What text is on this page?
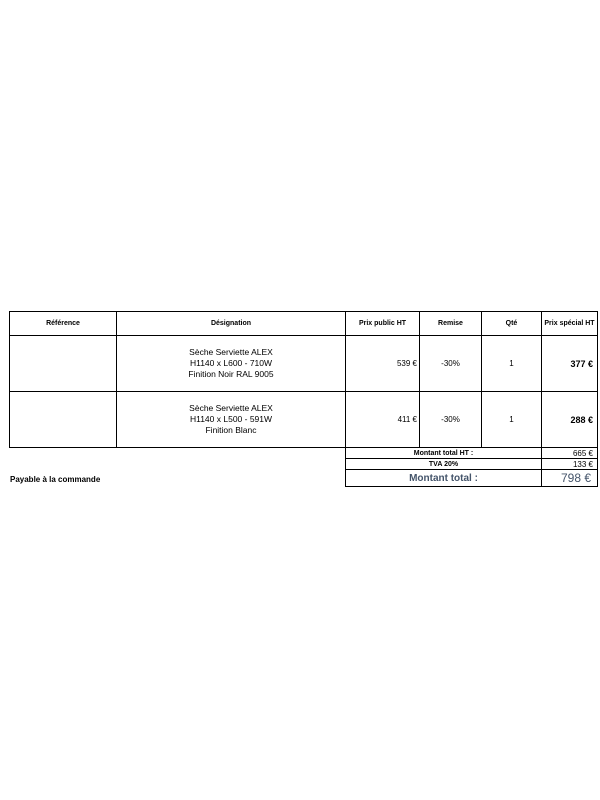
Référence	Désignation	Prix public HT	Remise	Qté	Prix spécial HT

	Sèche Serviette ALEX
H1140 x L600 - 710W
Finition Noir RAL 9005	539 €	-30%	1	377 €

	Sèche Serviette ALEX
H1140 x L500 - 591W
Finition Blanc	411 €	-30%	1	288 €
		Montant total HT :			665 €
		TVA 20%			133 €
		Montant total :			798 €
Payable à la commande
